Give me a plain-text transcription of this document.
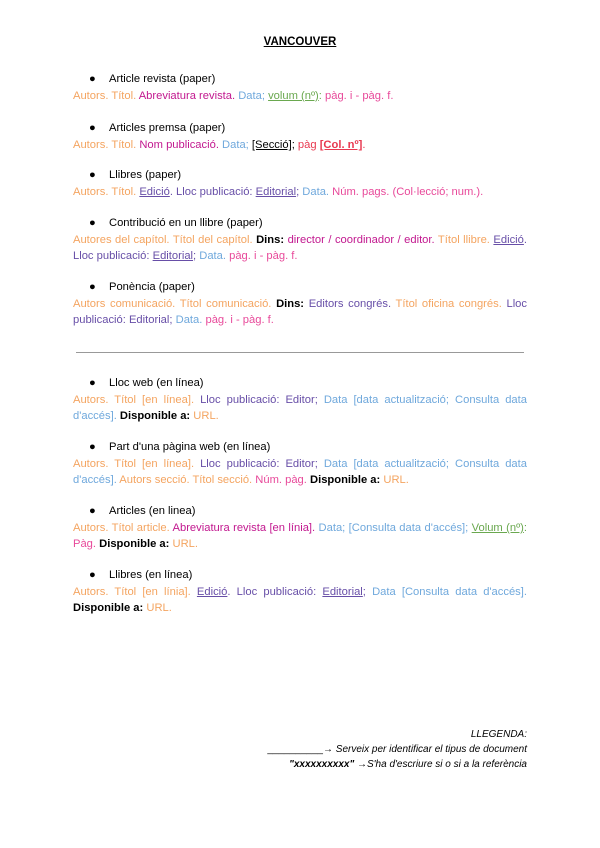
VANCOUVER
● Article revista (paper)
Autors. Títol. Abreviatura revista. Data; volum (nº): pàg. i - pàg. f.
● Articles premsa (paper)
Autors. Títol. Nom publicació. Data; [Secció]; pàg [Col. nº].
● Llibres (paper)
Autors. Títol. Edició. Lloc publicació: Editorial; Data. Núm. pags. (Col·lecció; num.).
● Contribució en un llibre (paper)
Autores del capítol. Títol del capítol. Dins: director / coordinador / editor. Títol llibre. Edició. Lloc publicació: Editorial; Data. pàg. i - pàg. f.
● Ponència (paper)
Autors comunicació. Títol comunicació. Dins: Editors congrés. Títol oficina congrés. Lloc publicació: Editorial; Data. pàg. i - pàg. f.
● Lloc web (en línea)
Autors. Títol [en línea]. Lloc publicació: Editor; Data [data actualització; Consulta data d'accés]. Disponible a: URL.
● Part d'una pàgina web (en línea)
Autors. Títol [en línea]. Lloc publicació: Editor; Data [data actualització; Consulta data d'accés]. Autors secció. Títol secció. Núm. pàg. Disponible a: URL.
● Articles (en linea)
Autors. Títol article. Abreviatura revista [en línia]. Data; [Consulta data d'accés]; Volum (nº): Pàg. Disponible a: URL.
● Llibres (en línea)
Autors. Títol [en línia]. Edició. Lloc publicació: Editorial; Data [Consulta data d'accés]. Disponible a: URL.
LLEGENDA:
__________→ Serveix per identificar el tipus de document
"xxxxxxxxxx" →S'ha d'escriure si o si a la referència
